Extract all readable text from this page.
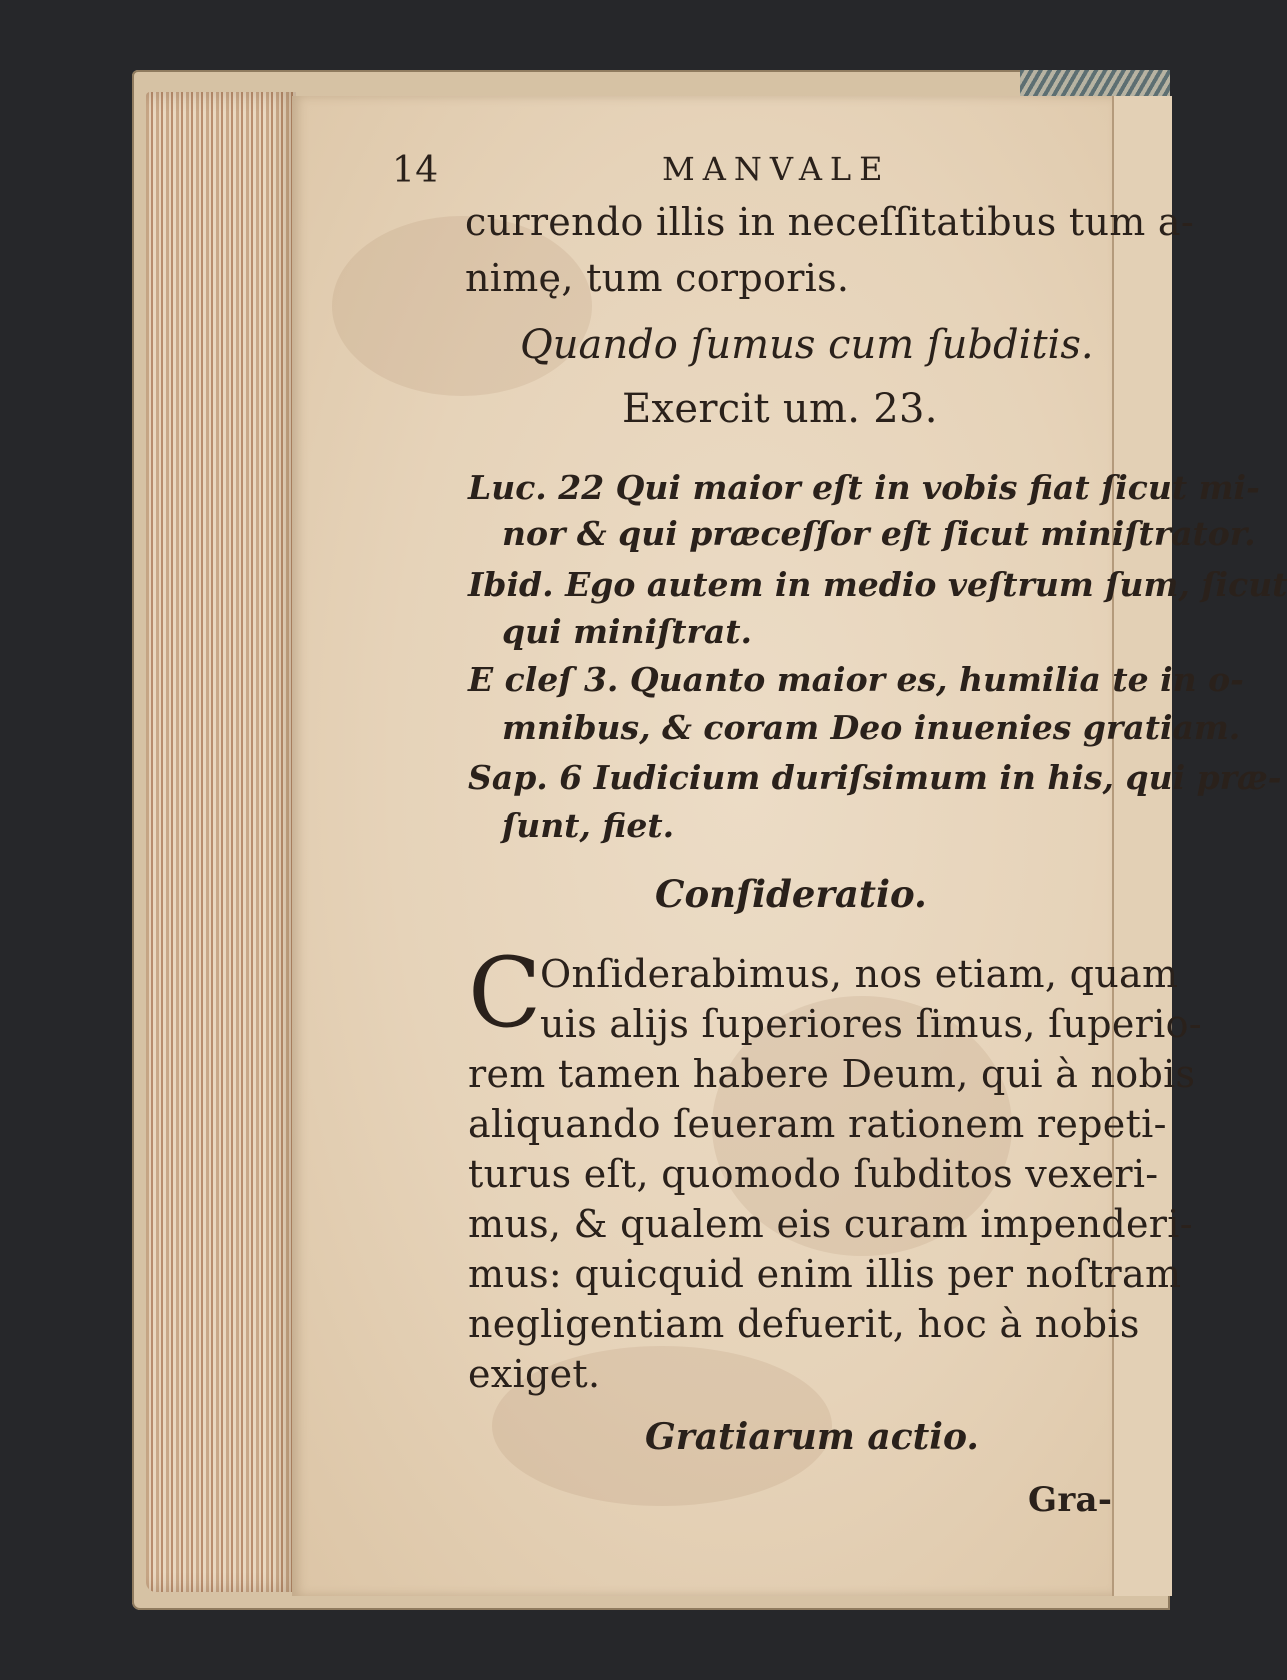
14	MANVALE
currendo illis in neceſſitatibus tum a-
nimę, tum corporis.
Quando ſumus cum ſubditis.
Exercit um. 23.
Luc. 22 Qui maior eſt in vobis fiat ſicut mi-
nor & qui præceſſor eſt ſicut miniſtrator.
Ibid. Ego autem in medio veſtrum ſum, ſicut
qui miniſtrat.
E clеſ 3. Quanto maior es, humilia te in o-
mnibus, & coram Deo inuenies gratiam.
Sap. 6 Iudicium duriſsimum in his, qui præ-
ſunt, fiet.
Conſideratio.
C
Onſiderabimus, nos etiam, quam
uis alijs ſuperiores ſimus, ſuperio-
rem tamen habere Deum, qui à nobis
aliquando ſeueram rationem repeti-
turus eſt, quomodo ſubditos vexeri-
mus, & qualem eis curam impenderi-
mus: quicquid enim illis per noſtram
negligentiam defuerit, hoc à nobis
exiget.
Gratiarum actio.
Gra-
